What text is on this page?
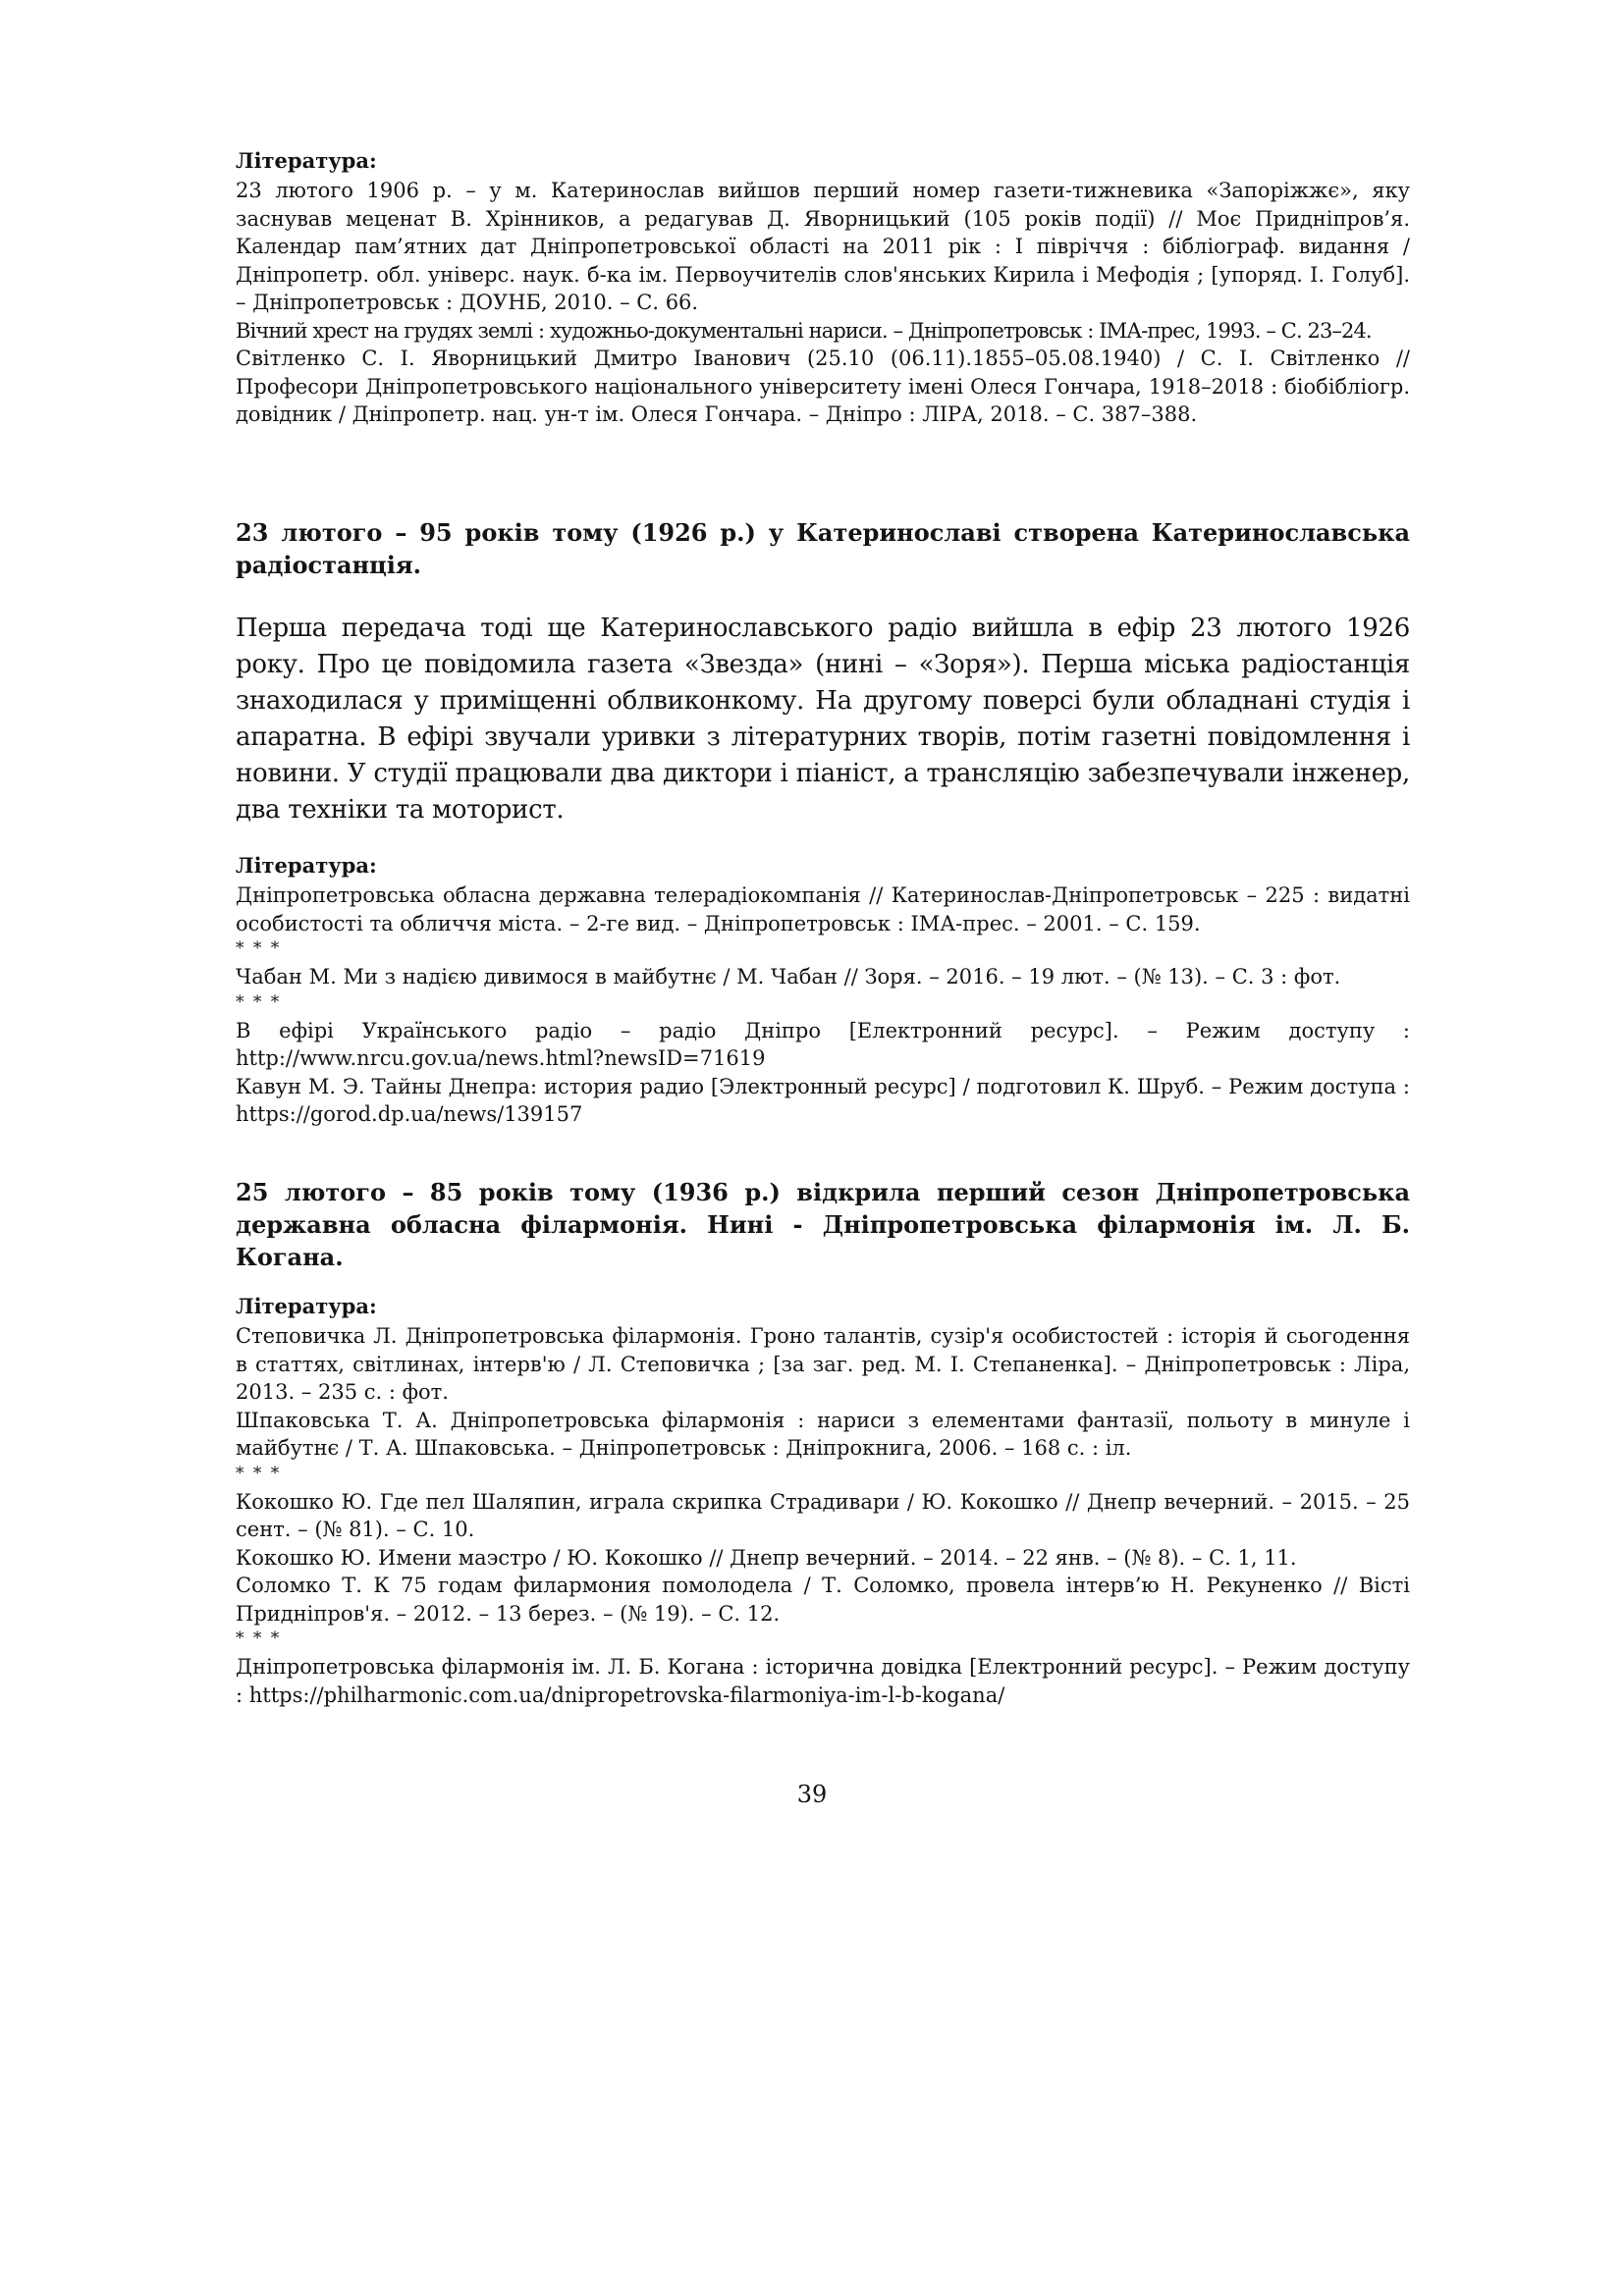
Література:

23 лютого 1906 р. – у м. Катеринослав вийшов перший номер газети-тижневика «Запоріжжє», яку заснував меценат В. Хрінников, а редагував Д. Яворницький (105 років події) // Моє Придніпров’я. Календар пам’ятних дат Дніпропетровської області на 2011 рік : І півріччя : бібліограф. видання / Дніпропетр. обл. універс. наук. б-ка ім. Первоучителів слов'янських Кирила і Мефодія ; [упоряд. І. Голуб]. – Дніпропетровськ : ДОУНБ, 2010. – С. 66.

Вічний хрест на грудях землі : художньо-документальні нариси. – Дніпропетровськ : ІМА-прес, 1993. – С. 23–24.

Світленко С. І. Яворницький Дмитро Іванович (25.10 (06.11).1855–05.08.1940) / С. І. Світленко // Професори Дніпропетровського національного університету імені Олеся Гончара, 1918–2018 : біобібліогр. довідник / Дніпропетр. нац. ун-т ім. Олеся Гончара. – Дніпро : ЛІРА, 2018. – С. 387–388.

23 лютого – 95 років тому (1926 р.) у Катеринославі створена Катеринославська радіостанція.

Перша передача тоді ще Катеринославського радіо вийшла в ефір 23 лютого 1926 року. Про це повідомила газета «Звезда» (нині – «Зоря»). Перша міська радіостанція знаходилася у приміщенні облвиконкому. На другому поверсі були обладнані студія і апаратна. В ефірі звучали уривки з літературних творів, потім газетні повідомлення і новини. У студії працювали два диктори і піаніст, а трансляцію забезпечували інженер, два техніки та моторист.

Література:

Дніпропетровська обласна державна телерадіокомпанія // Катеринослав-Дніпропетровськ – 225 : видатні особистості та обличчя міста. – 2-ге вид. – Дніпропетровськ : ІМА-прес. – 2001. – С. 159.

* * *

Чабан М. Ми з надією дивимося в майбутнє / М. Чабан // Зоря. – 2016. – 19 лют. – (№ 13). – С. 3 : фот.

* * *

В ефірі Українського радіо – радіо Дніпро [Електронний ресурс]. – Режим доступу : http://www.nrcu.gov.ua/news.html?newsID=71619

Кавун М. Э. Тайны Днепра: история радио [Электронный ресурс] / подготовил К. Шруб. – Режим доступа : https://gorod.dp.ua/news/139157

25 лютого – 85 років тому (1936 р.) відкрила перший сезон Дніпропетровська державна обласна філармонія. Нині - Дніпропетровська філармонія ім. Л. Б. Когана.

Література:

Степовичка Л. Дніпропетровська філармонія. Гроно талантів, сузір'я особистостей : історія й сьогодення в статтях, світлинах, інтерв'ю / Л. Степовичка ; [за заг. ред. М. І. Степаненка]. – Дніпропетровськ : Ліра, 2013. – 235 с. : фот.

Шпаковська Т. А. Дніпропетровська філармонія : нариси з елементами фантазії, польоту в минуле і майбутнє / Т. А. Шпаковська. – Дніпропетровськ : Дніпрокнига, 2006. – 168 с. : іл.

* * *

Кокошко Ю. Где пел Шаляпин, играла скрипка Страдивари / Ю. Кокошко // Днепр вечерний. – 2015. – 25 сент. – (№ 81). – С. 10.

Кокошко Ю. Имени маэстро / Ю. Кокошко // Днепр вечерний. – 2014. – 22 янв. – (№ 8). – С. 1, 11.

Соломко Т. К 75 годам филармония помолодела / Т. Соломко, провела інтерв’ю Н. Рекуненко // Вісті Придніпров'я. – 2012. – 13 берез. – (№ 19). – С. 12.

* * *

Дніпропетровська філармонія ім. Л. Б. Когана : історична довідка [Електронний ресурс]. – Режим доступу : https://philharmonic.com.ua/dnipropetrovska-filarmoniya-im-l-b-kogana/

39
